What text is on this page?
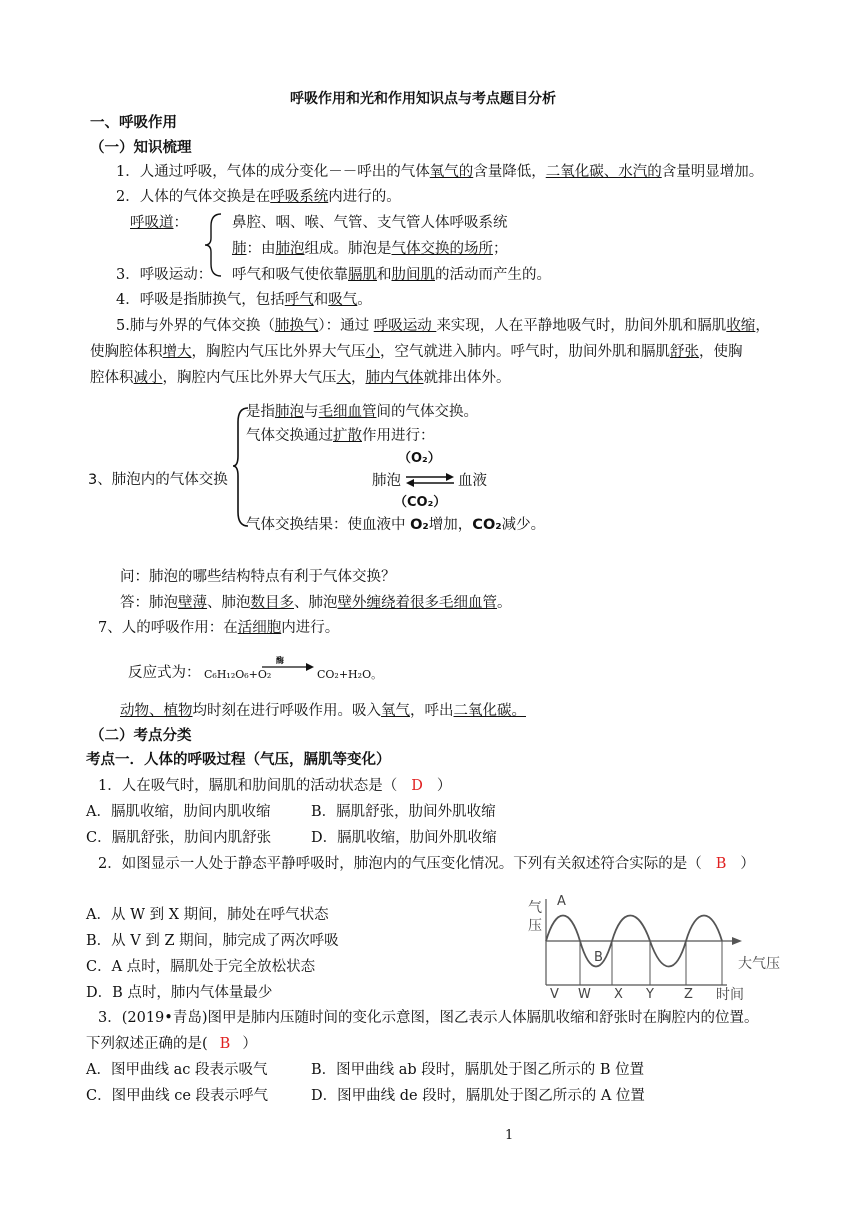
呼吸作用和光和作用知识点与考点题目分析
一、呼吸作用
（一）知识梳理
1．人通过呼吸，气体的成分变化－－呼出的气体氧气的含量降低，二氧化碳、水汽的含量明显增加。
2．人体的气体交换是在呼吸系统内进行的。
呼吸道：	鼻腔、咽、喉、气管、支气管人体呼吸系统
肺：由肺泡组成。肺泡是气体交换的场所；
3．呼吸运动： 呼气和吸气使依靠膈肌和肋间肌的活动而产生的。
4．呼吸是指肺换气，包括呼气和吸气。
5.肺与外界的气体交换（肺换气）：通过 呼吸运动 来实现，人在平静地吸气时，肋间外肌和膈肌收缩，
使胸腔体积增大，胸腔内气压比外界大气压小，空气就进入肺内。呼气时，肋间外肌和膈肌舒张，使胸
腔体积减小，胸腔内气压比外界大气压大，肺内气体就排出体外。
3、肺泡内的气体交换
是指肺泡与毛细血管间的气体交换。
气体交换通过扩散作用进行：
（O₂）
肺泡	血液
（CO₂）
气体交换结果：使血液中 O₂增加，CO₂减少。
问：肺泡的哪些结构特点有利于气体交换？
答：肺泡壁薄、肺泡数目多、肺泡壁外缠绕着很多毛细血管。
7、人的呼吸作用：在活细胞内进行。
反应式为： C₆H₁₂O₆+O₂
酶
CO₂+H₂O。
动物、植物均时刻在进行呼吸作用。吸入氧气，呼出二氧化碳。
（二）考点分类
考点一．人体的呼吸过程（气压，膈肌等变化）
1．人在吸气时，膈肌和肋间肌的活动状态是（ D ）
A．膈肌收缩，肋间内肌收缩	B．膈肌舒张，肋间外肌收缩
C．膈肌舒张，肋间内肌舒张	D．膈肌收缩，肋间外肌收缩
2．如图显示一人处于静态平静呼吸时，肺泡内的气压变化情况。下列有关叙述符合实际的是（ B ）
A．从 W 到 X 期间，肺处在呼气状态
B．从 V 到 Z 期间，肺完成了两次呼吸
C．A 点时，膈肌处于完全放松状态
D．B 点时，肺内气体量最少
气
压
A
B	大气压
V W X Y Z 时间
3．(2019•青岛)图甲是肺内压随时间的变化示意图，图乙表示人体膈肌收缩和舒张时在胸腔内的位置。
下列叙述正确的是( B ）
A．图甲曲线 ac 段表示吸气	B．图甲曲线 ab 段时，膈肌处于图乙所示的 B 位置
C．图甲曲线 ce 段表示呼气	D．图甲曲线 de 段时，膈肌处于图乙所示的 A 位置
1
